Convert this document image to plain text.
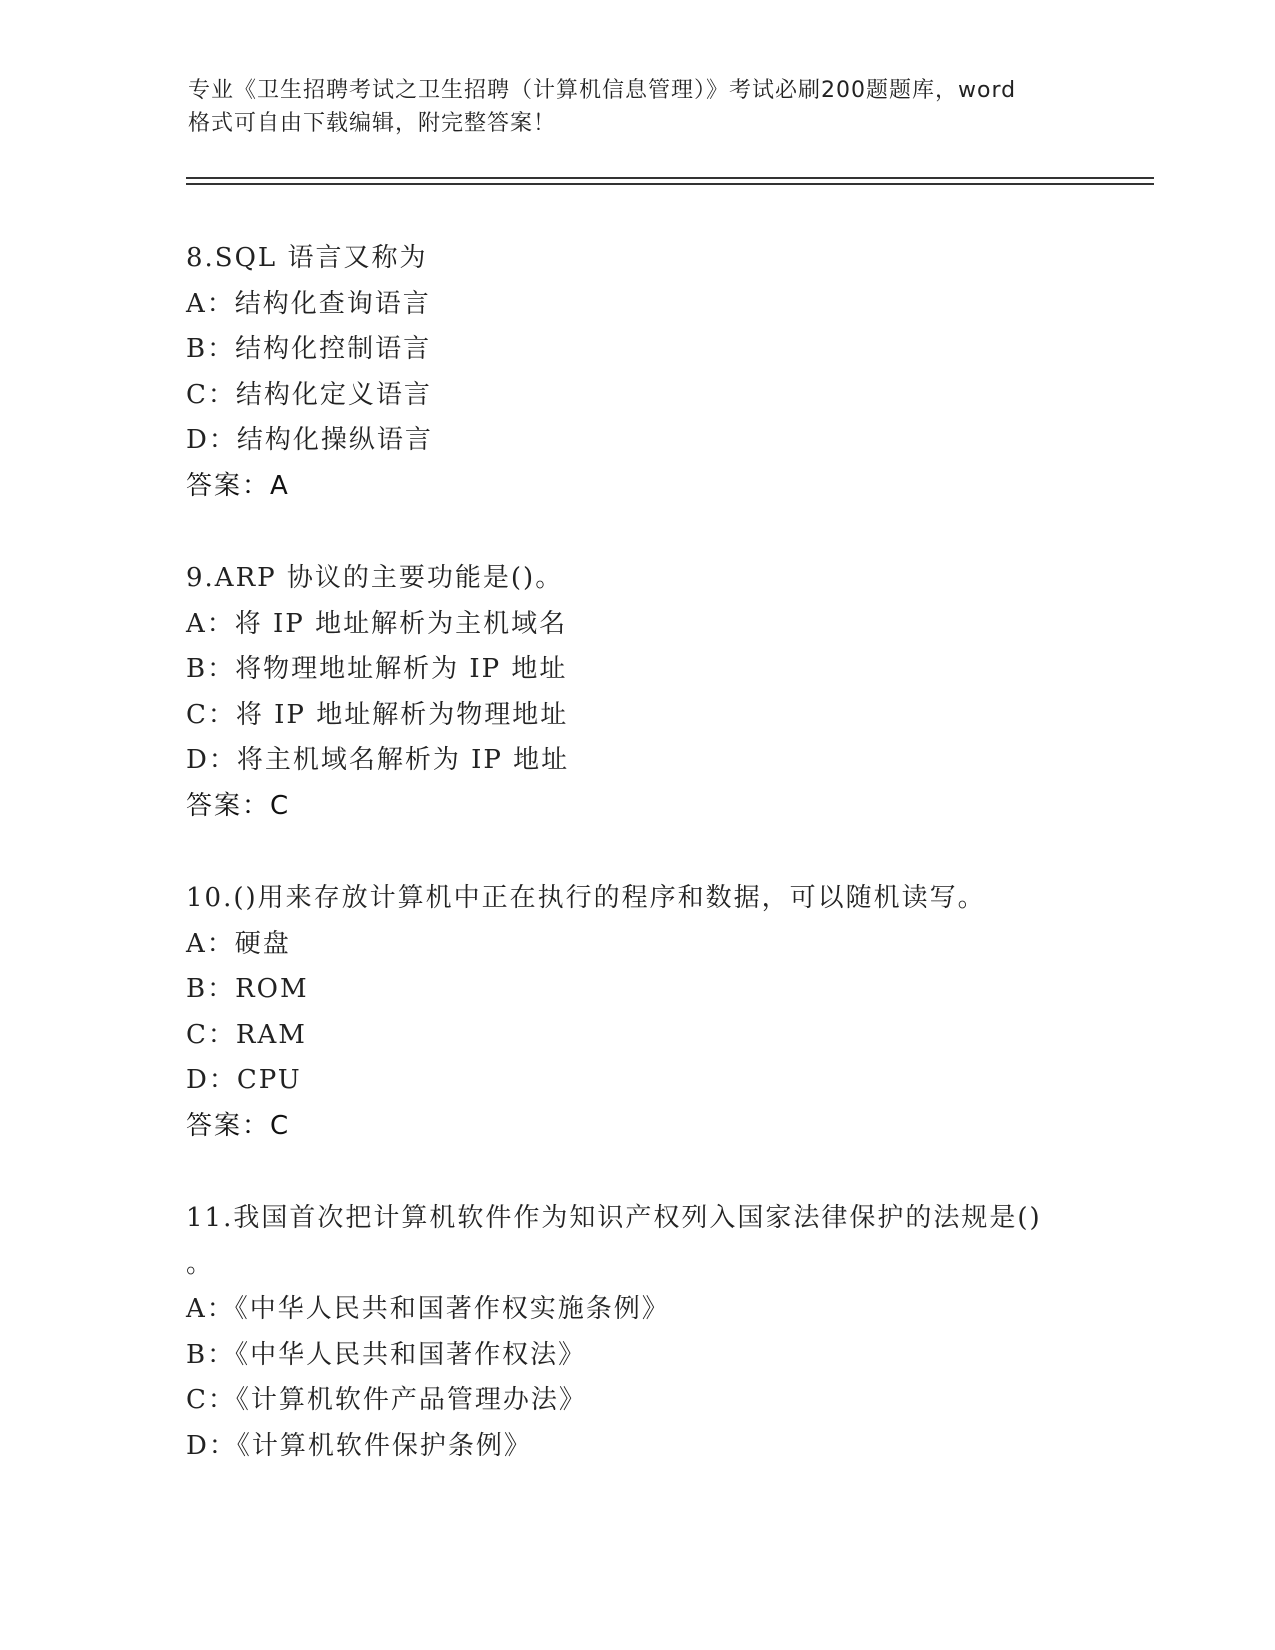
专业《卫生招聘考试之卫生招聘（计算机信息管理）》考试必刷200题题库，word
格式可自由下载编辑，附完整答案！
8.SQL 语言又称为
A：结构化查询语言
B：结构化控制语言
C：结构化定义语言
D：结构化操纵语言
答案：A
9.ARP 协议的主要功能是()。
A：将 IP 地址解析为主机域名
B：将物理地址解析为 IP 地址
C：将 IP 地址解析为物理地址
D：将主机域名解析为 IP 地址
答案：C
10.()用来存放计算机中正在执行的程序和数据，可以随机读写。
A：硬盘
B：ROM
C：RAM
D：CPU
答案：C
11.我国首次把计算机软件作为知识产权列入国家法律保护的法规是()
。
A：《中华人民共和国著作权实施条例》
B：《中华人民共和国著作权法》
C：《计算机软件产品管理办法》
D：《计算机软件保护条例》
